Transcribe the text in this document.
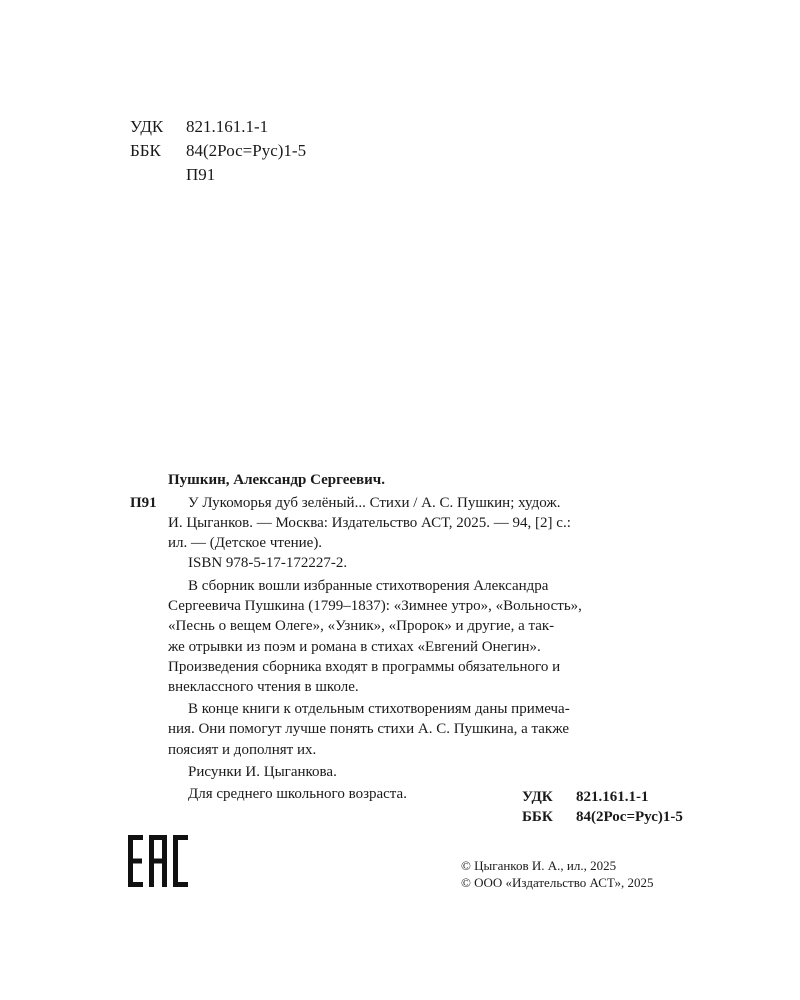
УДК 821.161.1-1
ББК 84(2Рос=Рус)1-5
П91
Пушкин, Александр Сергеевич.
П91	У Лукоморья дуб зелёный... Стихи / А. С. Пушкин; худож.
И. Цыганков. — Москва: Издательство АСТ, 2025. — 94, [2] с.:
ил. — (Детское чтение).
ISBN 978-5-17-172227-2.

В сборник вошли избранные стихотворения Александра
Сергеевича Пушкина (1799–1837): «Зимнее утро», «Вольность»,
«Песнь о вещем Олеге», «Узник», «Пророк» и другие, а так-
же отрывки из поэм и романа в стихах «Евгений Онегин».
Произведения сборника входят в программы обязательного и
внеклассного чтения в школе.

В конце книги к отдельным стихотворениям даны примеча-
ния. Они помогут лучше понять стихи А. С. Пушкина, а также
поясият и дополнят их.

Рисунки И. Цыганкова.

Для среднего школьного возраста.	УДК 821.161.1-1
ББК 84(2Рос=Рус)1-5
© Цыганков И. А., ил., 2025
© ООО «Издательство АСТ», 2025
